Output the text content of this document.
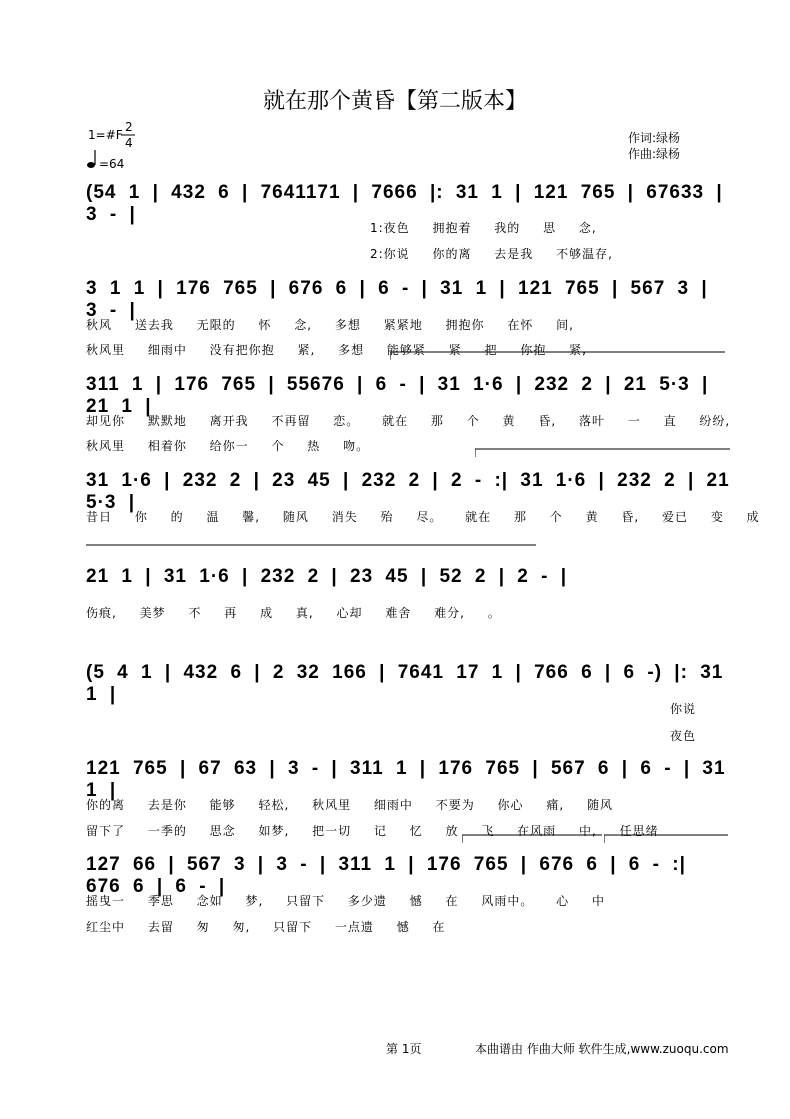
就在那个黄昏【第二版本】
1=#F
2
4
=64
作词:绿杨
作曲:绿杨
(54 1 | 432 6 | 7641171 | 7666 |: 31 1 | 121 765 | 67633 | 3 - |
1:夜色 拥抱着 我的 思 念,
2:你说 你的离 去是我 不够温存,
3 1 1 | 176 765 | 676 6 | 6 - | 31 1 | 121 765 | 567 3 | 3 - |
秋风 送去我 无限的 怀 念, 多想 紧紧地 拥抱你 在怀 间,
秋风里 细雨中 没有把你抱 紧, 多想 能够紧 紧 把 你抱 紧,
311 1 | 176 765 | 55676 | 6 - | 31 1·6 | 232 2 | 21 5·3 | 21 1 |
却见你 默默地 离开我 不再留 恋。 就在 那 个 黄 昏, 落叶 一 直 纷纷,
秋风里 相着你 给你一 个 热 吻。
31 1·6 | 232 2 | 23 45 | 232 2 | 2 - :| 31 1·6 | 232 2 | 21 5·3 |
昔日 你 的 温 馨, 随风 消失 殆 尽。 就在 那 个 黄 昏, 爱已 变 成
21 1 | 31 1·6 | 232 2 | 23 45 | 52 2 | 2 - |
伤痕, 美梦 不 再 成 真, 心却 难舍 难分, 。
(5 4 1 | 432 6 | 2 32 166 | 7641 17 1 | 766 6 | 6 -) |: 31 1 |
你说
夜色
121 765 | 67 63 | 3 - | 311 1 | 176 765 | 567 6 | 6 - | 31 1 |
你的离 去是你 能够 轻松, 秋风里 细雨中 不要为 你心 痛, 随风
留下了 一季的 思念 如梦, 把一切 记 忆 放 飞 在风雨 中, 任思绪
127 66 | 567 3 | 3 - | 311 1 | 176 765 | 676 6 | 6 - :| 676 6 | 6 - |
摇曳一 季思 念如 梦, 只留下 多少遗 憾 在 风雨中。 心 中
红尘中 去留 匆 匆, 只留下 一点遗 憾 在
第 1页	本曲谱由 作曲大师 软件生成,www.zuoqu.com
